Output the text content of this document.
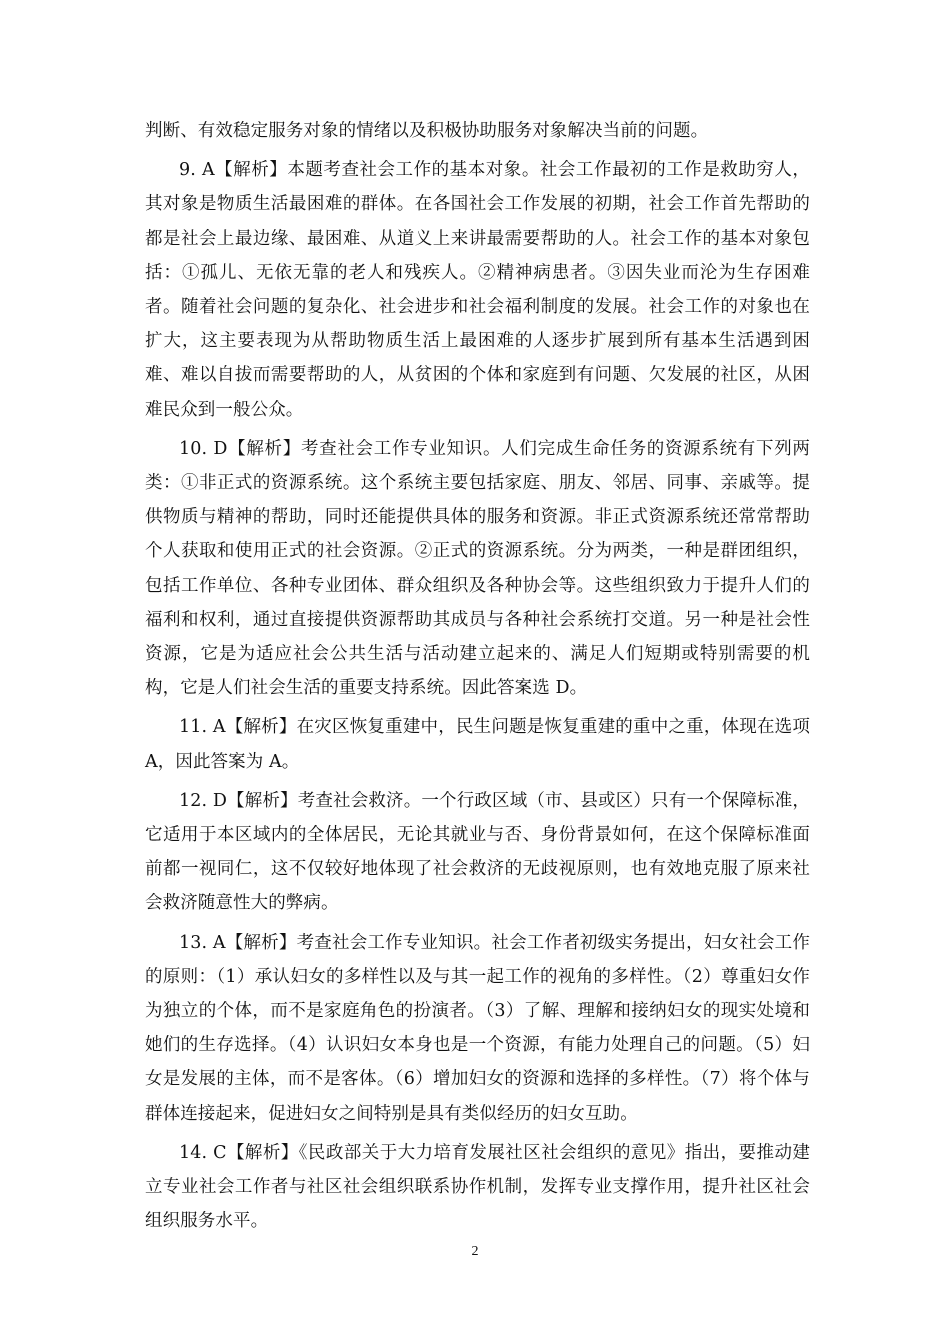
判断、有效稳定服务对象的情绪以及积极协助服务对象解决当前的问题。

9. A【解析】本题考查社会工作的基本对象。社会工作最初的工作是救助穷人，其对象是物质生活最困难的群体。在各国社会工作发展的初期，社会工作首先帮助的都是社会上最边缘、最困难、从道义上来讲最需要帮助的人。社会工作的基本对象包括：①孤儿、无依无靠的老人和残疾人。②精神病患者。③因失业而沦为生存困难者。随着社会问题的复杂化、社会进步和社会福利制度的发展。社会工作的对象也在扩大，这主要表现为从帮助物质生活上最困难的人逐步扩展到所有基本生活遇到困难、难以自拔而需要帮助的人，从贫困的个体和家庭到有问题、欠发展的社区，从困难民众到一般公众。

10. D【解析】考查社会工作专业知识。人们完成生命任务的资源系统有下列两类：①非正式的资源系统。这个系统主要包括家庭、朋友、邻居、同事、亲戚等。提供物质与精神的帮助，同时还能提供具体的服务和资源。非正式资源系统还常常帮助个人获取和使用正式的社会资源。②正式的资源系统。分为两类，一种是群团组织，包括工作单位、各种专业团体、群众组织及各种协会等。这些组织致力于提升人们的福利和权利，通过直接提供资源帮助其成员与各种社会系统打交道。另一种是社会性资源，它是为适应社会公共生活与活动建立起来的、满足人们短期或特别需要的机构，它是人们社会生活的重要支持系统。因此答案选 D。

11. A【解析】在灾区恢复重建中，民生问题是恢复重建的重中之重，体现在选项 A，因此答案为 A。

12. D【解析】考查社会救济。一个行政区域（市、县或区）只有一个保障标准，它适用于本区域内的全体居民，无论其就业与否、身份背景如何，在这个保障标准面前都一视同仁，这不仅较好地体现了社会救济的无歧视原则，也有效地克服了原来社会救济随意性大的弊病。

13. A【解析】考查社会工作专业知识。社会工作者初级实务提出，妇女社会工作的原则：（1）承认妇女的多样性以及与其一起工作的视角的多样性。（2）尊重妇女作为独立的个体，而不是家庭角色的扮演者。（3）了解、理解和接纳妇女的现实处境和她们的生存选择。（4）认识妇女本身也是一个资源，有能力处理自己的问题。（5）妇女是发展的主体，而不是客体。（6）增加妇女的资源和选择的多样性。（7）将个体与群体连接起来，促进妇女之间特别是具有类似经历的妇女互助。

14. C【解析】《民政部关于大力培育发展社区社会组织的意见》指出，要推动建立专业社会工作者与社区社会组织联系协作机制，发挥专业支撑作用，提升社区社会组织服务水平。

2
